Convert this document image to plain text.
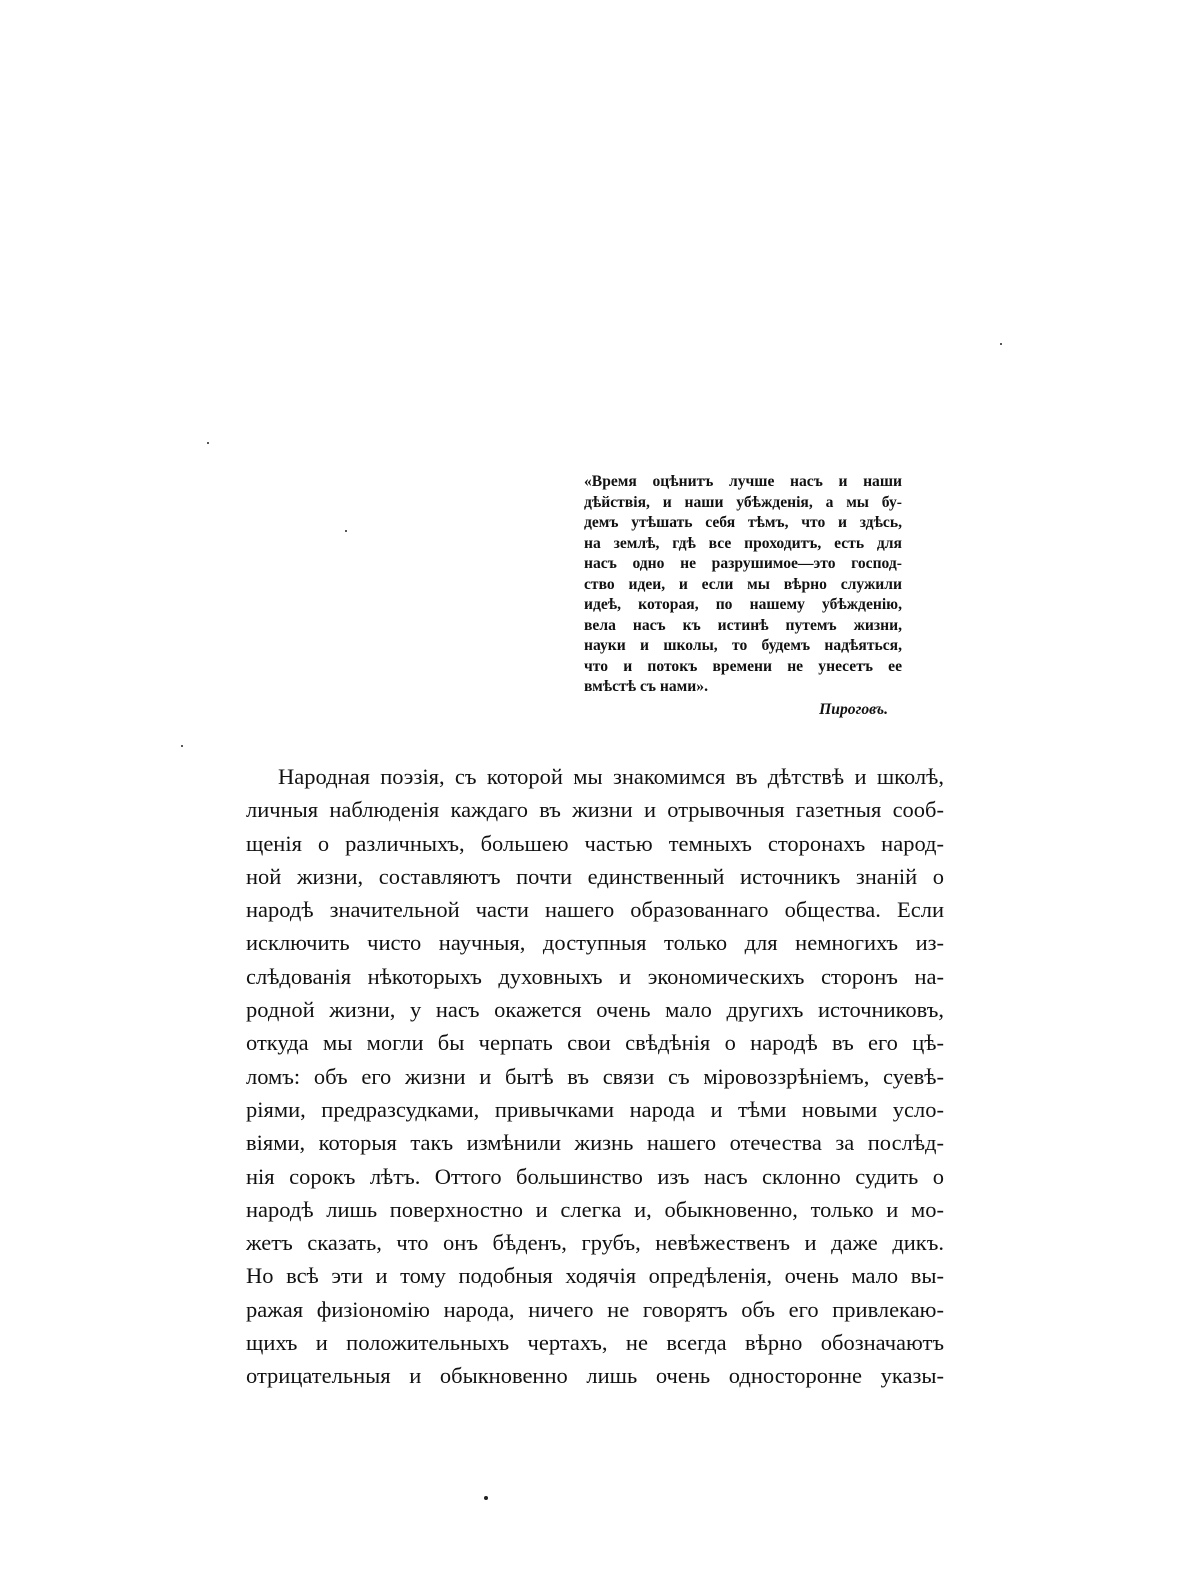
«Время оцѣнитъ лучше насъ и наши
дѣйствія, и наши убѣжденія, а мы бу-
демъ утѣшать себя тѣмъ, что и здѣсь,
на землѣ, гдѣ все проходитъ, есть для
насъ одно не разрушимое—это господ-
ство идеи, и если мы вѣрно служили
идеѣ, которая, по нашему убѣжденію,
вела насъ къ истинѣ путемъ жизни,
науки и школы, то будемъ надѣяться,
что и потокъ времени не унесетъ ее
вмѣстѣ съ нами».
Пироговъ.
Народная поэзія, съ которой мы знакомимся въ дѣтствѣ и школѣ,
личныя наблюденія каждаго въ жизни и отрывочныя газетныя сооб-
щенія о различныхъ, большею частью темныхъ сторонахъ народ-
ной жизни, составляютъ почти единственный источникъ знаній о
народѣ значительной части нашего образованнаго общества. Если
исключить чисто научныя, доступныя только для немногихъ из-
слѣдованія нѣкоторыхъ духовныхъ и экономическихъ сторонъ на-
родной жизни, у насъ окажется очень мало другихъ источниковъ,
откуда мы могли бы черпать свои свѣдѣнія о народѣ въ его цѣ-
ломъ: объ его жизни и бытѣ въ связи съ міровоззрѣніемъ, суевѣ-
ріями, предразсудками, привычками народа и тѣми новыми усло-
віями, которыя такъ измѣнили жизнь нашего отечества за послѣд-
нія сорокъ лѣтъ. Оттого большинство изъ насъ склонно судить о
народѣ лишь поверхностно и слегка и, обыкновенно, только и мо-
жетъ сказать, что онъ бѣденъ, грубъ, невѣжественъ и даже дикъ.
Но всѣ эти и тому подобныя ходячія опредѣленія, очень мало вы-
ражая физіономію народа, ничего не говорятъ объ его привлекаю-
щихъ и положительныхъ чертахъ, не всегда вѣрно обозначаютъ
отрицательныя и обыкновенно лишь очень односторонне указы-
